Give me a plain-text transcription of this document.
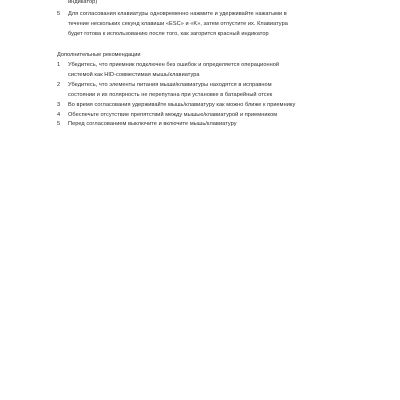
индикатор)
5 Для согласования клавиатуры одновременно нажмите и удерживайте нажатыми в
течение нескольких секунд клавиши «ESC» и «K», затем отпустите их. Клавиатура
будет готова к использованию после того, как загорится красный индикатор
Дополнительные рекомендации
1 Убедитесь, что приемник подключен без ошибок и определяется операционной
системой как HID-совместимая мышь/клавиатура
2 Убедитесь, что элементы питания мыши/клавиатуры находятся в исправном
состоянии и их полярность не перепутана при установке в батарейный отсек
3 Во время согласования удерживайте мышь/клавиатуру как можно ближе к приемнику
4 Обеспечьте отсутствие препятствий между мышью/клавиатурой и приемником
5 Перед согласованием выключите и включите мышь/клавиатуру
